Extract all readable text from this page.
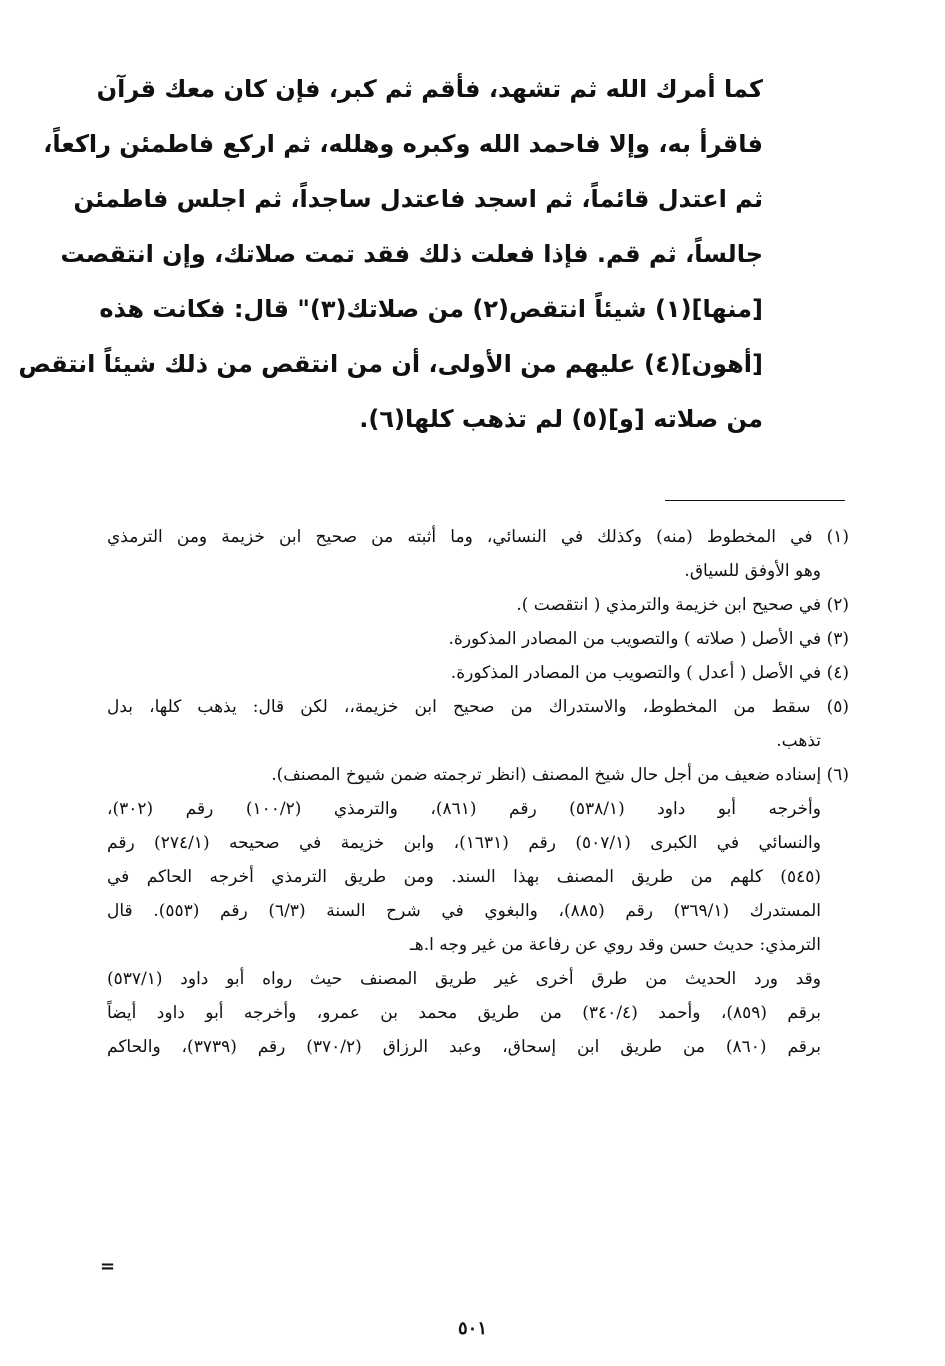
كما أمرك الله ثم تشهد، فأقم ثم كبر، فإن كان معك قرآن
فاقرأ به، وإلا فاحمد الله وكبره وهلله، ثم اركع فاطمئن راكعاً،
ثم اعتدل قائماً، ثم اسجد فاعتدل ساجداً، ثم اجلس فاطمئن
جالساً، ثم قم. فإذا فعلت ذلك فقد تمت صلاتك، وإن انتقصت
[منها](١) شيئاً انتقص(٢) من صلاتك(٣)" قال: فكانت هذه
[أهون](٤) عليهم من الأولى، أن من انتقص من ذلك شيئاً انتقص
من صلاته [و](٥) لم تذهب كلها(٦).
(١) في المخطوط (منه) وكذلك في النسائي، وما أثبته من صحيح ابن خزيمة ومن الترمذي
وهو الأوفق للسياق.
(٢) في صحيح ابن خزيمة والترمذي ( انتقصت ).
(٣) في الأصل ( صلاته ) والتصويب من المصادر المذكورة.
(٤) في الأصل ( أعدل ) والتصويب من المصادر المذكورة.
(٥) سقط من المخطوط، والاستدراك من صحيح ابن خزيمة،، لكن قال: يذهب كلها، بدل
تذهب.
(٦) إسناده ضعيف من أجل حال شيخ المصنف (انظر ترجمته ضمن شيوخ المصنف).
وأخرجه أبو داود (٥٣٨/١) رقم (٨٦١)، والترمذي (١٠٠/٢) رقم (٣٠٢)،
والنسائي في الكبرى (٥٠٧/١) رقم (١٦٣١)، وابن خزيمة في صحيحه (٢٧٤/١) رقم
(٥٤٥) كلهم من طريق المصنف بهذا السند. ومن طريق الترمذي أخرجه الحاكم في
المستدرك (٣٦٩/١) رقم (٨٨٥)، والبغوي في شرح السنة (٦/٣) رقم (٥٥٣). قال
الترمذي: حديث حسن وقد روي عن رفاعة من غير وجه ا.هـ
وقد ورد الحديث من طرق أخرى غير طريق المصنف حيث رواه أبو داود (٥٣٧/١)
برقم (٨٥٩)، وأحمد (٣٤٠/٤) من طريق محمد بن عمرو، وأخرجه أبو داود أيضاً
برقم (٨٦٠) من طريق ابن إسحاق، وعبد الرزاق (٣٧٠/٢) رقم (٣٧٣٩)، والحاكم
=
٥٠١
